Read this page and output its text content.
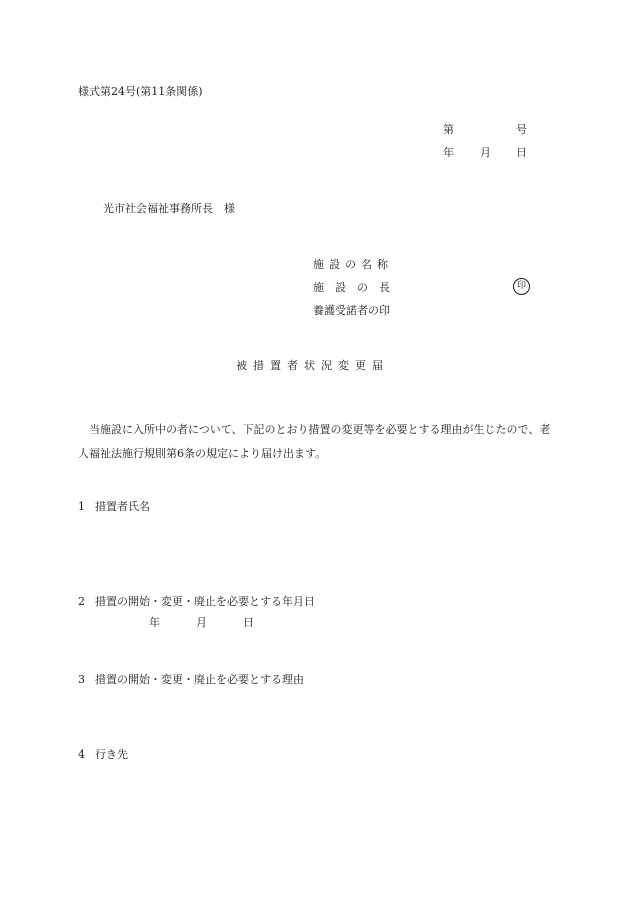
様式第24号(第11条関係)
第	号
年 月 日
光市社会福祉事務所長　様
施設の名称
施設の長
養護受諾者の印
印
被措置者状況変更届
当施設に入所中の者について、下記のとおり措置の変更等を必要とする理由が生じたので、老人福祉法施行規則第6条の規定により届け出ます。
1 措置者氏名
2 措置の開始・変更・廃止を必要とする年月日
年	月	日
3 措置の開始・変更・廃止を必要とする理由
4 行き先
